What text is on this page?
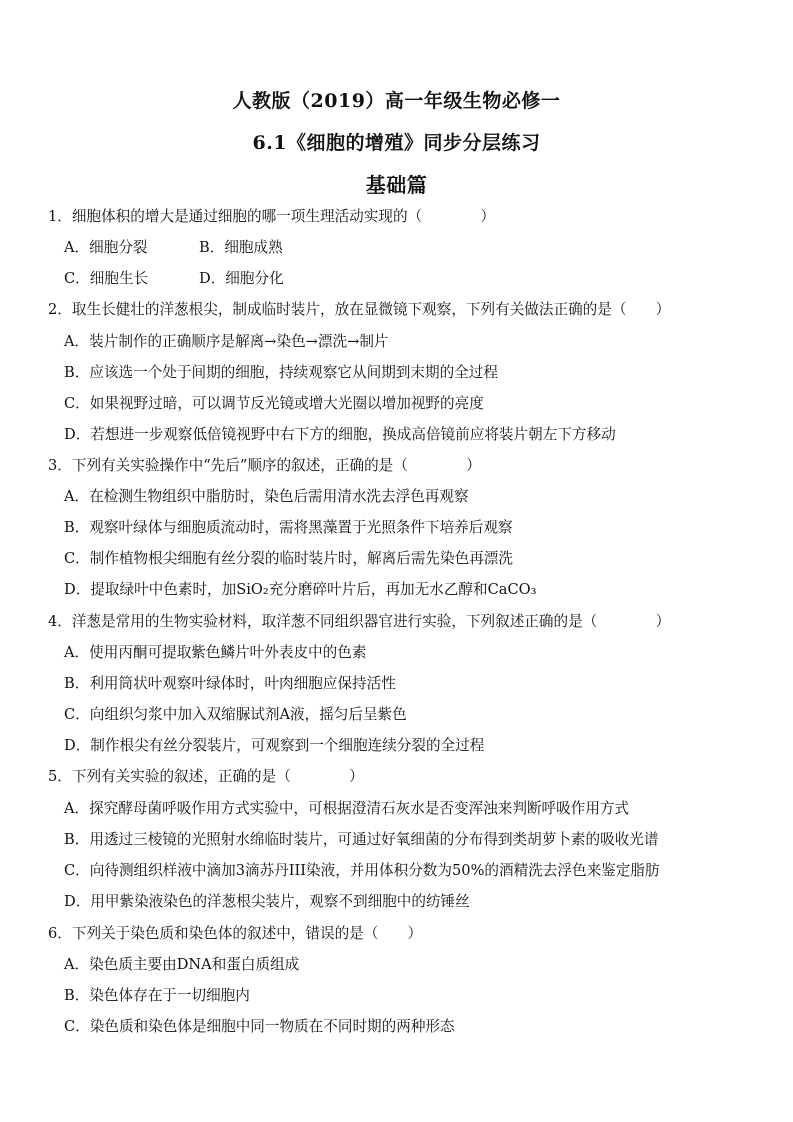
人教版（2019）高一年级生物必修一
6.1《细胞的增殖》同步分层练习
基础篇
1．细胞体积的增大是通过细胞的哪一项生理活动实现的（　　　　）
A．细胞分裂	B．细胞成熟
C．细胞生长	D．细胞分化
2．取生长健壮的洋葱根尖，制成临时装片，放在显微镜下观察，下列有关做法正确的是（　　）
A．装片制作的正确顺序是解离→染色→漂洗→制片
B．应该选一个处于间期的细胞，持续观察它从间期到末期的全过程
C．如果视野过暗，可以调节反光镜或增大光圈以增加视野的亮度
D．若想进一步观察低倍镜视野中右下方的细胞，换成高倍镜前应将装片朝左下方移动
3．下列有关实验操作中“先后”顺序的叙述，正确的是（　　　　）
A．在检测生物组织中脂肪时，染色后需用清水洗去浮色再观察
B．观察叶绿体与细胞质流动时，需将黑藻置于光照条件下培养后观察
C．制作植物根尖细胞有丝分裂的临时装片时，解离后需先染色再漂洗
D．提取绿叶中色素时，加SiO₂充分磨碎叶片后，再加无水乙醇和CaCO₃
4．洋葱是常用的生物实验材料，取洋葱不同组织器官进行实验，下列叙述正确的是（　　　　）
A．使用丙酮可提取紫色鳞片叶外表皮中的色素
B．利用筒状叶观察叶绿体时，叶肉细胞应保持活性
C．向组织匀浆中加入双缩脲试剂A液，摇匀后呈紫色
D．制作根尖有丝分裂装片，可观察到一个细胞连续分裂的全过程
5．下列有关实验的叙述，正确的是（　　　　）
A．探究酵母菌呼吸作用方式实验中，可根据澄清石灰水是否变浑浊来判断呼吸作用方式
B．用透过三棱镜的光照射水绵临时装片，可通过好氧细菌的分布得到类胡萝卜素的吸收光谱
C．向待测组织样液中滴加3滴苏丹III染液，并用体积分数为50%的酒精洗去浮色来鉴定脂肪
D．用甲紫染液染色的洋葱根尖装片，观察不到细胞中的纺锤丝
6．下列关于染色质和染色体的叙述中，错误的是（　　）
A．染色质主要由DNA和蛋白质组成
B．染色体存在于一切细胞内
C．染色质和染色体是细胞中同一物质在不同时期的两种形态
